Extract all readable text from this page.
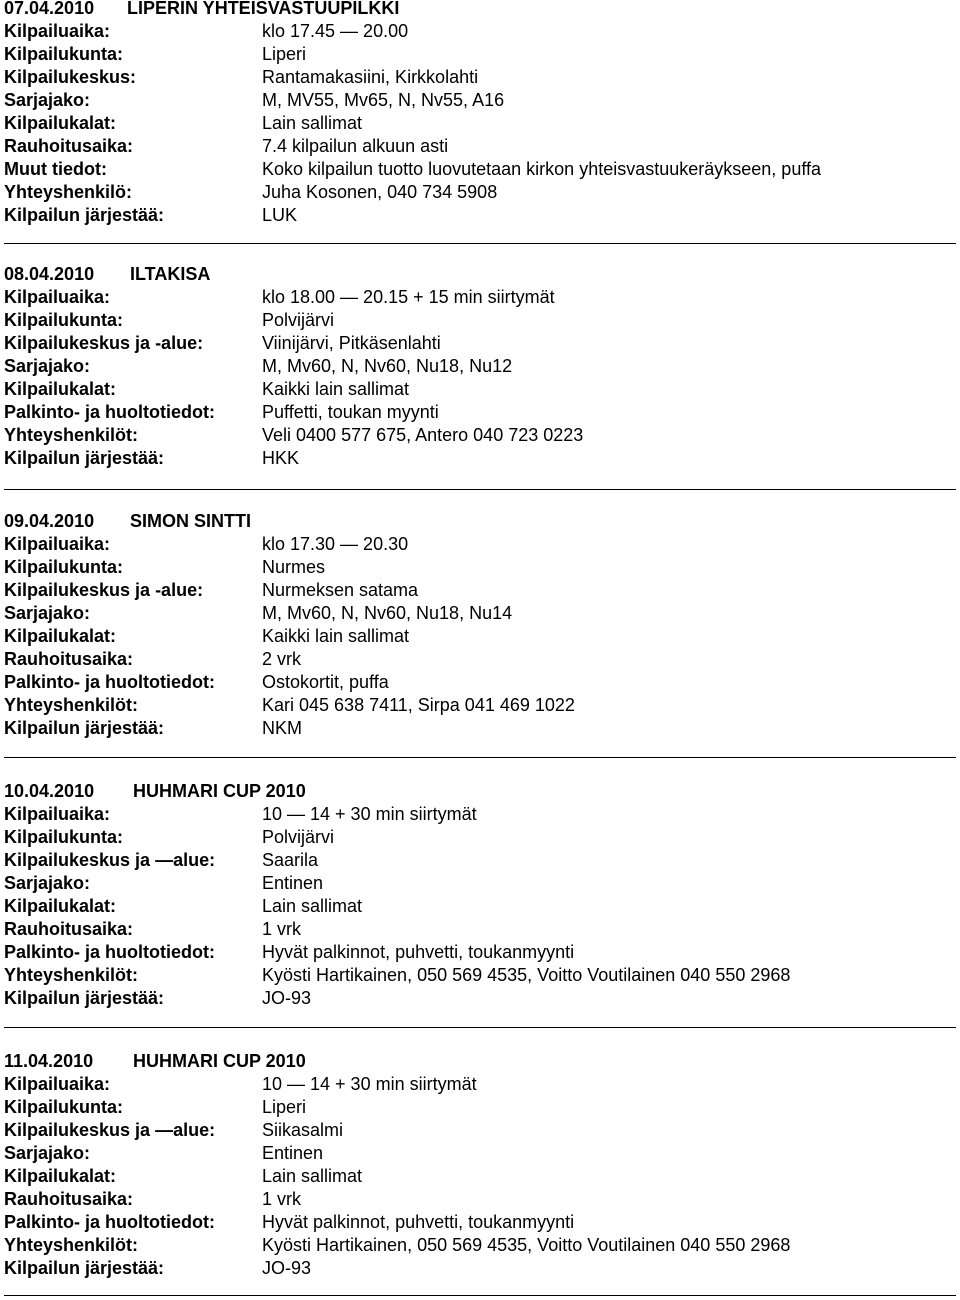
07.04.2010 LIPERIN YHTEISVASTUUPILKKI
Kilpailuaika:	klo 17.45 — 20.00
Kilpailukunta:	Liperi
Kilpailukeskus:	Rantamakasiini, Kirkkolahti
Sarjajako:	M, MV55, Mv65, N, Nv55, A16
Kilpailukalat:	Lain sallimat
Rauhoitusaika:	7.4 kilpailun alkuun asti
Muut tiedot:	Koko kilpailun tuotto luovutetaan kirkon yhteisvastuukeräykseen, puffa
Yhteyshenkilö:	Juha Kosonen, 040 734 5908
Kilpailun järjestää:	LUK
08.04.2010 ILTAKISA
Kilpailuaika:	klo 18.00 — 20.15 + 15 min siirtymät
Kilpailukunta:	Polvijärvi
Kilpailukeskus ja -alue:	Viinijärvi, Pitkäsenlahti
Sarjajako:	M, Mv60, N, Nv60, Nu18, Nu12
Kilpailukalat:	Kaikki lain sallimat
Palkinto- ja huoltotiedot:	Puffetti, toukan myynti
Yhteyshenkilöt:	Veli 0400 577 675, Antero 040 723 0223
Kilpailun järjestää:	HKK
09.04.2010 SIMON SINTTI
Kilpailuaika:	klo 17.30 — 20.30
Kilpailukunta:	Nurmes
Kilpailukeskus ja -alue:	Nurmeksen satama
Sarjajako:	M, Mv60, N, Nv60, Nu18, Nu14
Kilpailukalat:	Kaikki lain sallimat
Rauhoitusaika:	2 vrk
Palkinto- ja huoltotiedot:	Ostokortit, puffa
Yhteyshenkilöt:	Kari 045 638 7411, Sirpa 041 469 1022
Kilpailun järjestää:	NKM
10.04.2010 HUHMARI CUP 2010
Kilpailuaika:	10 — 14 + 30 min siirtymät
Kilpailukunta:	Polvijärvi
Kilpailukeskus ja —alue:	Saarila
Sarjajako:	Entinen
Kilpailukalat:	Lain sallimat
Rauhoitusaika:	1 vrk
Palkinto- ja huoltotiedot:	Hyvät palkinnot, puhvetti, toukanmyynti
Yhteyshenkilöt:	Kyösti Hartikainen, 050 569 4535, Voitto Voutilainen 040 550 2968
Kilpailun järjestää:	JO-93
11.04.2010 HUHMARI CUP 2010
Kilpailuaika:	10 — 14 + 30 min siirtymät
Kilpailukunta:	Liperi
Kilpailukeskus ja —alue:	Siikasalmi
Sarjajako:	Entinen
Kilpailukalat:	Lain sallimat
Rauhoitusaika:	1 vrk
Palkinto- ja huoltotiedot:	Hyvät palkinnot, puhvetti, toukanmyynti
Yhteyshenkilöt:	Kyösti Hartikainen, 050 569 4535, Voitto Voutilainen 040 550 2968
Kilpailun järjestää:	JO-93
